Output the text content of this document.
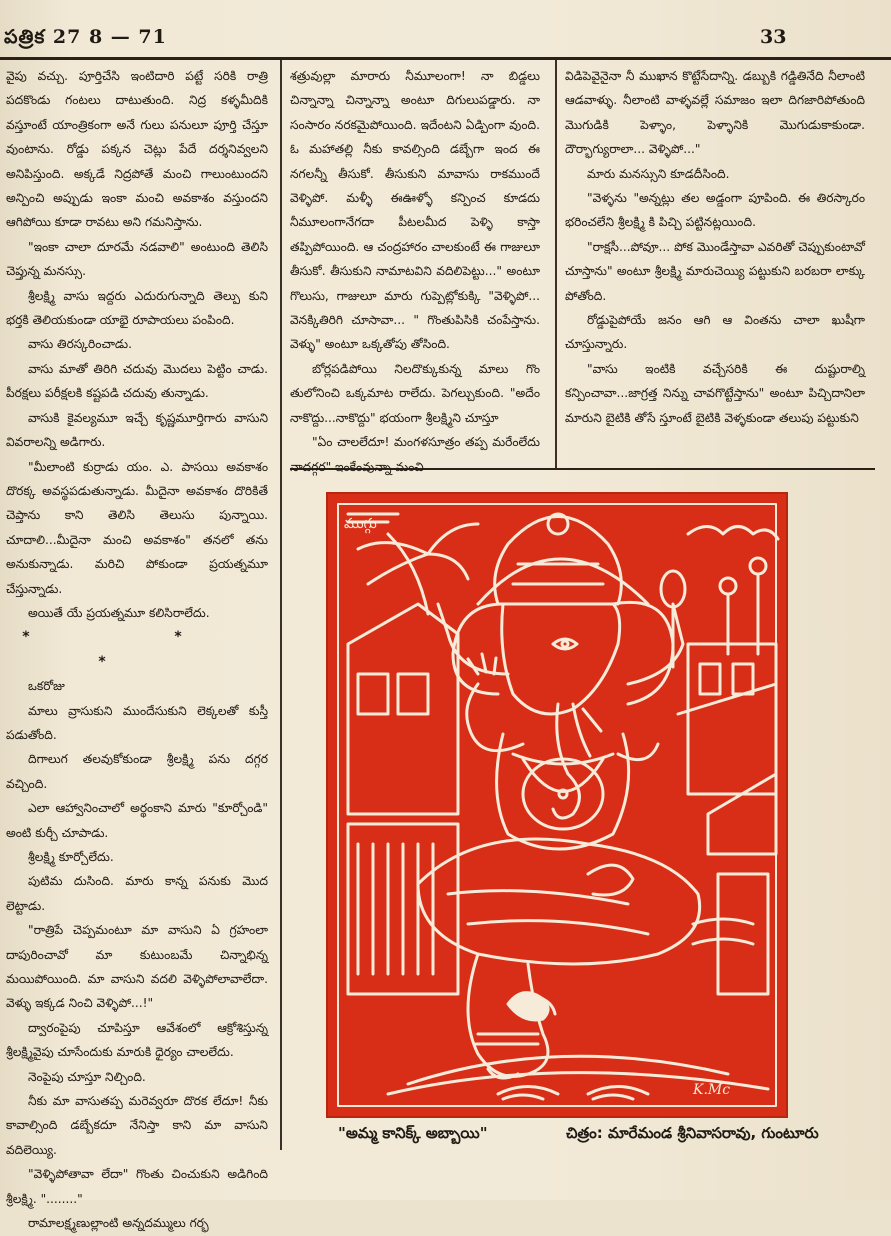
పత్రిక 27 8 — 71	33

వైపు వచ్చు. పూర్తిచేసి ఇంటిదారి పట్టే సరికి రాత్రి పదకొండు గంటలు దాటుతుంది. నిద్ర కళ్ళమీదికి వస్తూంటే యాంత్రికంగా అనే గులు పనులూ పూర్తి చేస్తూ వుంటాను. రోడ్డు పక్కన చెట్లు పేదే దర్శనివ్వలని అనిపిస్తుంది. అక్కడే నిద్రపోతే మంచి గాలుంటుందని అన్పించి అప్పుడు ఇంకా మంచి అవకాశం వస్తుందని ఆగిపోయి కూడా రావటు అని గమనిస్తాను.

"ఇంకా చాలా దూరమే నడవాలి" అంటుంది తెలిసి చెప్తున్న మనస్సు.

శ్రీలక్ష్మి వాసు ఇద్దరు ఎదురుగున్నాది తెల్పు కుని భర్తకి తెలియకుండా యాభై రూపాయలు పంపింది.

వాసు తిరస్కరించాడు.

వాసు మాతో తిరిగి చదువు మొదలు పెట్టిం చాడు. పీరక్షలు పరీక్షలకి కష్టపడి చదువు తున్నాడు.

వాసుకి కైవల్యమూ ఇచ్చే కృష్ణమూర్తిగారు వాసుని వివరాలన్ని అడిగారు.

"మీలాంటి కుర్రాడు యం. ఎ. పాసయి అవకాశం దొరక్క అవస్థపడుతున్నాడు. మీదైనా అవకాశం దొరికితే చెప్తాను కాని తెలిసి తెలుసు పున్నాయి. చూదాలి...మీదైనా మంచి అవకాశం" తనలో తను అనుకున్నాడు. మరిచి పోకుండా ప్రయత్నమూ చేస్తున్నాడు.

అయితే యే ప్రయత్నమూ కలిసిరాలేదు.

* * *

ఒకరోజు

మాలు వ్రాసుకుని ముందేసుకుని లెక్కలతో కుస్తీ పడుతోంది.

దిగాలుగ తలవుకోకుండా శ్రీలక్ష్మి పను దగ్గర వచ్చింది.

ఎలా ఆహ్వానించాలో అర్థంకాని మారు "కూర్చోండి" అంటి కుర్చీ చూపాడు.

శ్రీలక్ష్మి కూర్చోలేదు.

పుటిమ దుసింది. మారు కాన్న పనుకు మొద లెట్టాడు.

"రాత్రిపే చెప్పమంటూ మా వాసుని ఏ గ్రహంలా దాపురించావో మా కుటుంబమే చిన్నాభిన్న మయిపోయింది. మా వాసుని వదలి వెళ్ళిపోలావాలేదా. వెళ్ళు ఇక్కడ నించి వెళ్ళిపో...!"

ద్వారంపైపు చూపిస్తూ ఆవేశంలో ఆక్రోశిస్తున్న శ్రీలక్ష్మివైపు చూసేందుకు మారుకి ధైర్యం చాలలేదు.

నెంపైపు చూస్తూ నిల్చింది.

నీకు మా వాసుతప్ప మరెవ్వరూ దొరక లేదూ! నీకు కావాల్సింది డబ్బేకదూ నేనిస్తా కాని మా వాసుని వదిలెయ్యి.

"వెళ్ళిపోతావా లేదా" గొంతు చించుకుని అడిగింది శ్రీలక్ష్మి. "........"

రామాలక్ష్మణుల్లాంటి అన్నదమ్ములు గర్భ

శత్రువుల్లా మారారు నీమూలంగా! నా బిడ్డలు చిన్నాన్నా చిన్నాన్నా అంటూ దిగులుపడ్డారు. నా సంసారం నరకమైపోయింది. ఇదేంటని ఏడ్పింగా వుంది. ఓ మహాతల్లి నీకు కావల్సింది డబ్బేగా ఇంద ఈ నగలన్నీ తీసుకో. తీసుకుని మావాసు రాకముందే వెళ్ళిపో. మళ్ళీ ఈఊళ్ళో కన్పించ కూడదు నీమూలంగానేగదా పీటలమీద పెళ్ళి కాస్తా తప్పిపోయింది. ఆ చంద్రహారం చాలకుంటే ఈ గాజులూ తీసుకో. తీసుకుని నామాటవిని వదిలిపెట్టు..." అంటూ గొలుసు, గాజులూ మారు గుప్పెట్లోకుక్కి "వెళ్ళిపో... వెనక్కితిరిగి చూసావా... " గొంతుపిసికి చంపేస్తాను. వెళ్ళు" అంటూ ఒక్కతోపు తోసింది.

బోర్లపడిపోయి నిలదొక్కుకున్న మాలు గొం తులోనించి ఒక్కమాట రాలేదు. పెగల్చుకుంది. "అదేం నాకొద్దు...నాకొద్దు" భయంగా శ్రీలక్ష్మిని చూస్తూ

"ఏం చాలలేదూ! మంగళసూత్రం తప్ప మరేంలేదు నాదగ్గర" ఇంకేంవున్నా మంచి

విడిపెవైనైనా నీ ముఖాన కొట్టేసేదాన్ని. డబ్బుకి గడ్డితినేది నీలాంటి ఆడవాళ్ళు. నీలాంటి వాళ్ళవల్లే సమాజం ఇలా దిగజారిపోతుంది మొగుడికి పెళ్ళాం, పెళ్ళానికి మొగుడుకాకుండా. దౌర్భాగ్యురాలా... వెళ్ళిపో..."

మారు మనస్సుని కూడదీసింది.

"వెళ్ళను "అన్నట్లు తల అడ్డంగా పూపింది. ఈ తిరస్కారం భరించలేని శ్రీలక్ష్మి కి పిచ్చి పట్టినట్లయింది.

"రాక్షసీ...పోవూ... పోక మొండేస్తావా ఎవరితో చెప్పుకుంటావో చూస్తాను" అంటూ శ్రీలక్ష్మి మారుచెయ్యి పట్టుకుని బరబరా లాక్కు పోతోంది.

రోడ్డుపైపోయే జనం ఆగి ఆ వింతను చాలా ఖుషీగా చూస్తున్నారు.

"వాసు ఇంటికి వచ్చేసరికి ఈ దుష్టురాల్ని కన్పించావా...జాగ్రత్త నిన్ను చావగొట్టేస్తాను" అంటూ పిచ్చిదానిలా మారుని బైటికి తోసే స్తూంటే బైటికి వెళ్ళకుండా తలుపు పట్టుకుని

ముగ్గు
K.Mc
"అమ్మ కానిక్క్ అబ్బాయి"	చిత్రం: మారేమండ శ్రీనివాసరావు, గుంటూరు
